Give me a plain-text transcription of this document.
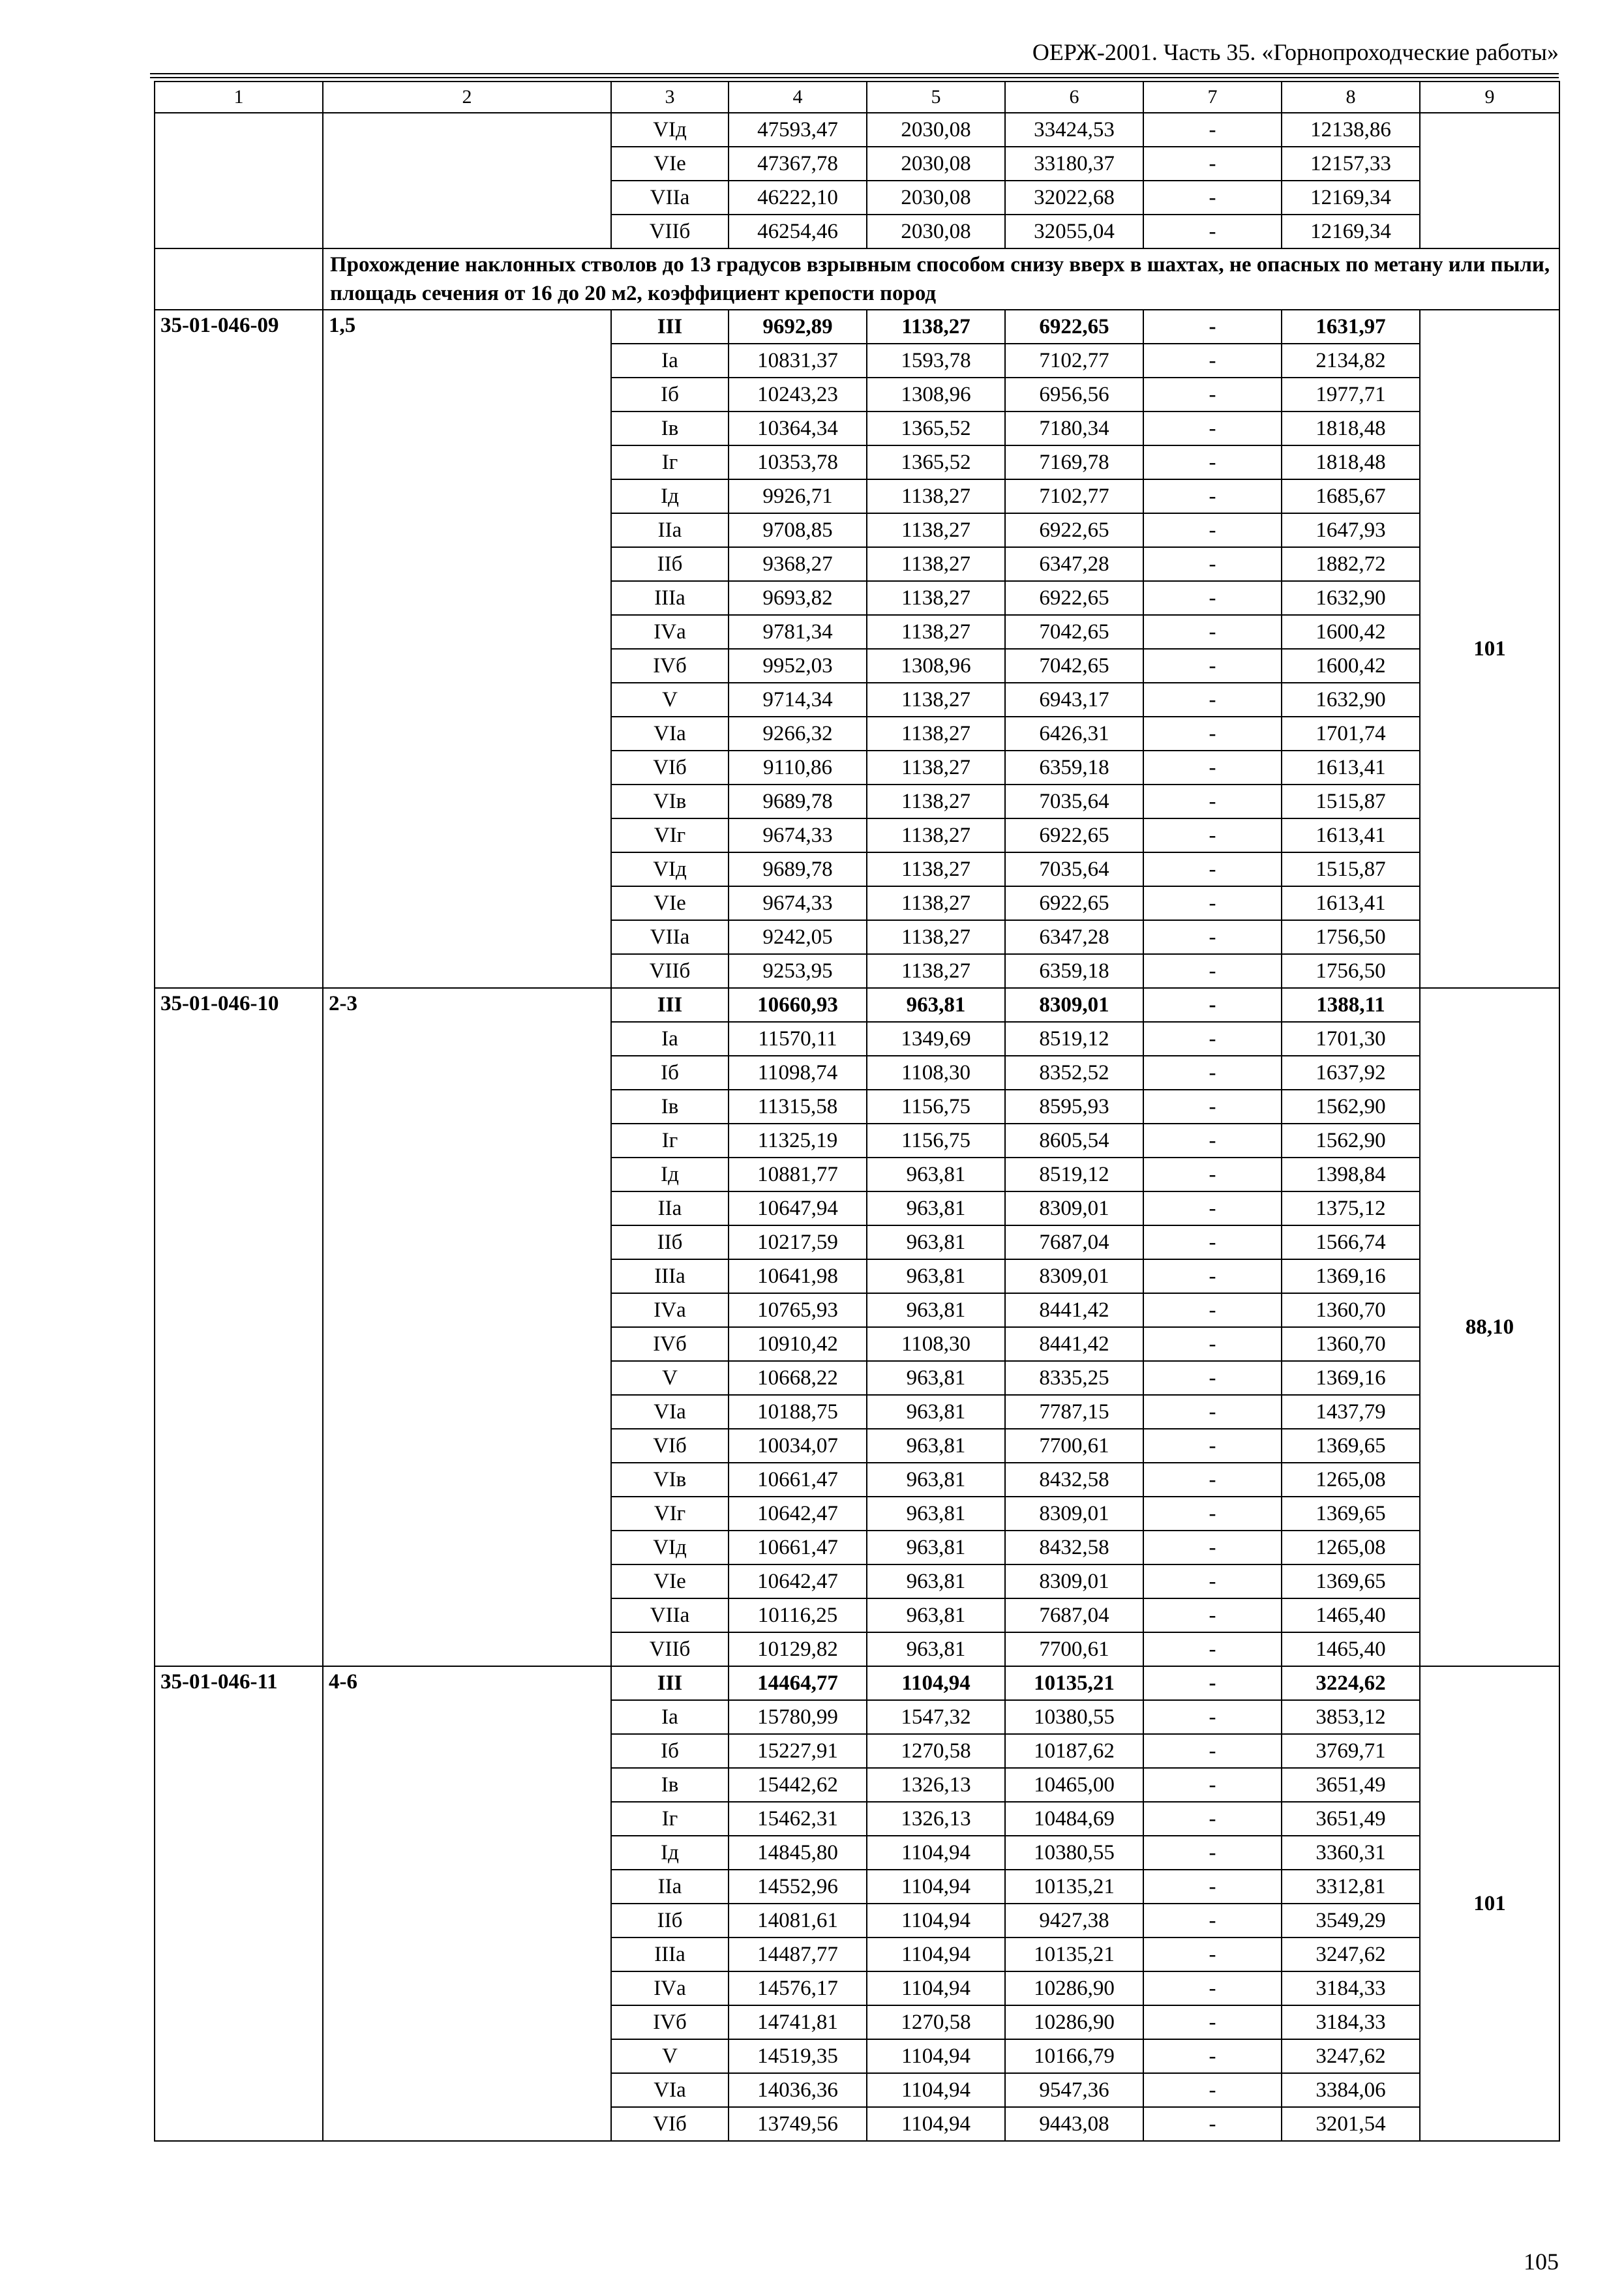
ОЕРЖ-2001. Часть 35. «Горнопроходческие работы»
1	2	3	4	5	6	7	8	9
		VIд	47593,47	2030,08	33424,53	-	12138,86	
		VIе	47367,78	2030,08	33180,37	-	12157,33	
		VIIа	46222,10	2030,08	32022,68	-	12169,34	
		VIIб	46254,46	2030,08	32055,04	-	12169,34	
	Прохождение наклонных стволов до 13 градусов взрывным способом снизу вверх в шахтах, не опасных по метану или пыли, площадь сечения от 16 до 20 м2, коэффициент крепости пород							
35-01-046-09	1,5	III	9692,89	1138,27	6922,65	-	1631,97	101
		Iа	10831,37	1593,78	7102,77	-	2134,82	
		Iб	10243,23	1308,96	6956,56	-	1977,71	
		Iв	10364,34	1365,52	7180,34	-	1818,48	
		Iг	10353,78	1365,52	7169,78	-	1818,48	
		Iд	9926,71	1138,27	7102,77	-	1685,67	
		IIа	9708,85	1138,27	6922,65	-	1647,93	
		IIб	9368,27	1138,27	6347,28	-	1882,72	
		IIIа	9693,82	1138,27	6922,65	-	1632,90	
		IVа	9781,34	1138,27	7042,65	-	1600,42	
		IVб	9952,03	1308,96	7042,65	-	1600,42	
		V	9714,34	1138,27	6943,17	-	1632,90	
		VIа	9266,32	1138,27	6426,31	-	1701,74	
		VIб	9110,86	1138,27	6359,18	-	1613,41	
		VIв	9689,78	1138,27	7035,64	-	1515,87	
		VIг	9674,33	1138,27	6922,65	-	1613,41	
		VIд	9689,78	1138,27	7035,64	-	1515,87	
		VIе	9674,33	1138,27	6922,65	-	1613,41	
		VIIа	9242,05	1138,27	6347,28	-	1756,50	
		VIIб	9253,95	1138,27	6359,18	-	1756,50	
35-01-046-10	2-3	III	10660,93	963,81	8309,01	-	1388,11	88,10
		Iа	11570,11	1349,69	8519,12	-	1701,30	
		Iб	11098,74	1108,30	8352,52	-	1637,92	
		Iв	11315,58	1156,75	8595,93	-	1562,90	
		Iг	11325,19	1156,75	8605,54	-	1562,90	
		Iд	10881,77	963,81	8519,12	-	1398,84	
		IIа	10647,94	963,81	8309,01	-	1375,12	
		IIб	10217,59	963,81	7687,04	-	1566,74	
		IIIа	10641,98	963,81	8309,01	-	1369,16	
		IVа	10765,93	963,81	8441,42	-	1360,70	
		IVб	10910,42	1108,30	8441,42	-	1360,70	
		V	10668,22	963,81	8335,25	-	1369,16	
		VIа	10188,75	963,81	7787,15	-	1437,79	
		VIб	10034,07	963,81	7700,61	-	1369,65	
		VIв	10661,47	963,81	8432,58	-	1265,08	
		VIг	10642,47	963,81	8309,01	-	1369,65	
		VIд	10661,47	963,81	8432,58	-	1265,08	
		VIе	10642,47	963,81	8309,01	-	1369,65	
		VIIа	10116,25	963,81	7687,04	-	1465,40	
		VIIб	10129,82	963,81	7700,61	-	1465,40	
35-01-046-11	4-6	III	14464,77	1104,94	10135,21	-	3224,62	101
		Iа	15780,99	1547,32	10380,55	-	3853,12	
		Iб	15227,91	1270,58	10187,62	-	3769,71	
		Iв	15442,62	1326,13	10465,00	-	3651,49	
		Iг	15462,31	1326,13	10484,69	-	3651,49	
		Iд	14845,80	1104,94	10380,55	-	3360,31	
		IIа	14552,96	1104,94	10135,21	-	3312,81	
		IIб	14081,61	1104,94	9427,38	-	3549,29	
		IIIа	14487,77	1104,94	10135,21	-	3247,62	
		IVа	14576,17	1104,94	10286,90	-	3184,33	
		IVб	14741,81	1270,58	10286,90	-	3184,33	
		V	14519,35	1104,94	10166,79	-	3247,62	
		VIа	14036,36	1104,94	9547,36	-	3384,06	
		VIб	13749,56	1104,94	9443,08	-	3201,54	
105
